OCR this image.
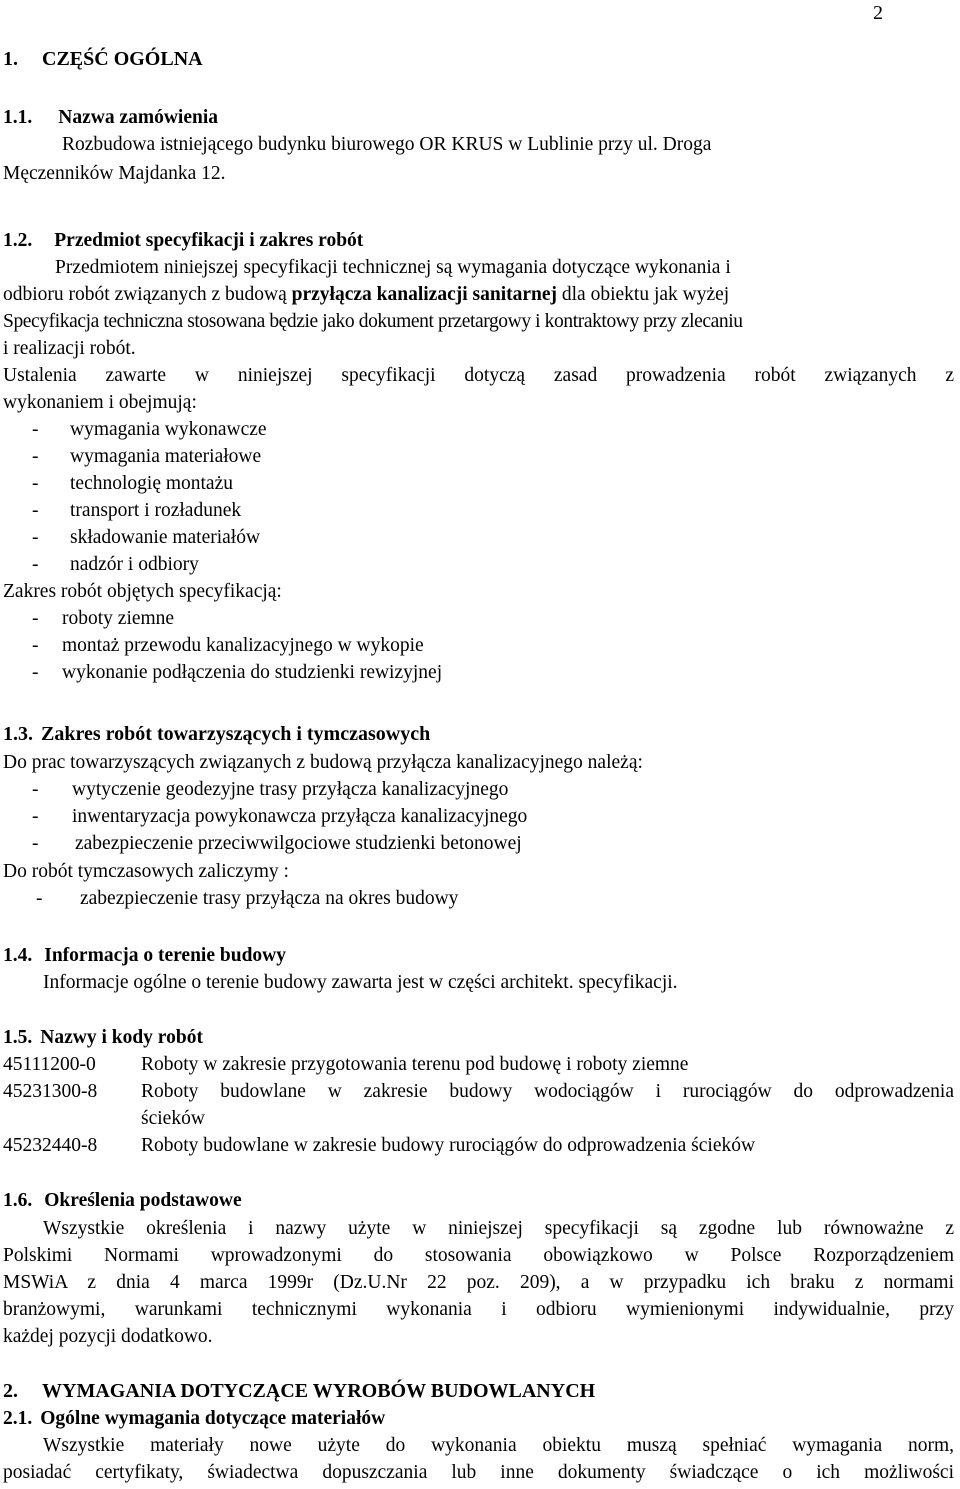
2
1. CZĘŚĆ OGÓLNA
1.1. Nazwa zamówienia
Rozbudowa istniejącego budynku biurowego OR KRUS w Lublinie przy ul. Droga
Męczenników Majdanka 12.
1.2. Przedmiot specyfikacji i zakres robót
Przedmiotem niniejszej specyfikacji technicznej są wymagania dotyczące wykonania i
odbioru robót związanych z budową przyłącza kanalizacji sanitarnej dla obiektu jak wyżej
Specyfikacja techniczna stosowana będzie jako dokument przetargowy i kontraktowy przy zlecaniu
i realizacji robót.
Ustalenia zawarte w niniejszej specyfikacji dotyczą zasad prowadzenia robót związanych z
wykonaniem i obejmują:
-	wymagania wykonawcze
-	wymagania materiałowe
-	technologię montażu
-	transport i rozładunek
-	składowanie materiałów
-	nadzór i odbiory
Zakres robót objętych specyfikacją:
-	roboty ziemne
-	montaż przewodu kanalizacyjnego w wykopie
-	wykonanie podłączenia do studzienki rewizyjnej
1.3. Zakres robót towarzyszących i tymczasowych
Do prac towarzyszących związanych z budową przyłącza kanalizacyjnego należą:
-	wytyczenie geodezyjne trasy przyłącza kanalizacyjnego
-	inwentaryzacja powykonawcza przyłącza kanalizacyjnego
-	zabezpieczenie przeciwwilgociowe studzienki betonowej
Do robót tymczasowych zaliczymy :
-	zabezpieczenie trasy przyłącza na okres budowy
1.4. Informacja o terenie budowy
Informacje ogólne o terenie budowy zawarta jest w części architekt. specyfikacji.
1.5. Nazwy i kody robót
45111200-0	Roboty w zakresie przygotowania terenu pod budowę i roboty ziemne
45231300-8	Roboty budowlane w zakresie budowy wodociągów i rurociągów do odprowadzenia
ścieków
45232440-8	Roboty budowlane w zakresie budowy rurociągów do odprowadzenia ścieków
1.6. Określenia podstawowe
Wszystkie określenia i nazwy użyte w niniejszej specyfikacji są zgodne lub równoważne z
Polskimi Normami wprowadzonymi do stosowania obowiązkowo w Polsce Rozporządzeniem
MSWiA z dnia 4 marca 1999r (Dz.U.Nr 22 poz. 209), a w przypadku ich braku z normami
branżowymi, warunkami technicznymi wykonania i odbioru wymienionymi indywidualnie, przy
każdej pozycji dodatkowo.
2. WYMAGANIA DOTYCZĄCE WYROBÓW BUDOWLANYCH
2.1. Ogólne wymagania dotyczące materiałów
Wszystkie materiały nowe użyte do wykonania obiektu muszą spełniać wymagania norm,
posiadać certyfikaty, świadectwa dopuszczania lub inne dokumenty świadczące o ich możliwości
